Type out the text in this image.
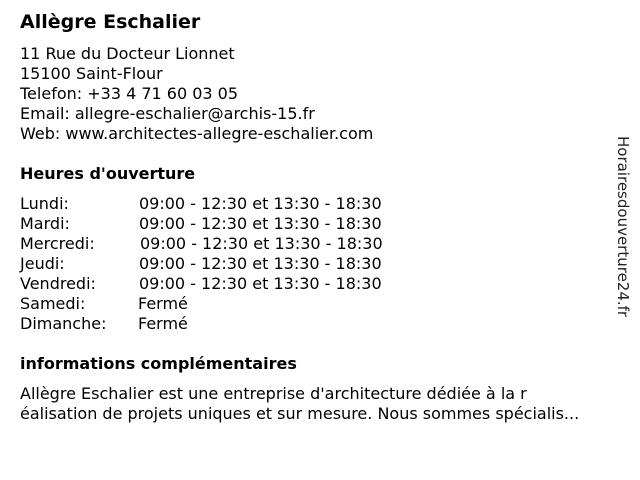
Allègre Eschalier
11 Rue du Docteur Lionnet
15100 Saint-Flour
Telefon: +33 4 71 60 03 05
Email: allegre-eschalier@archis-15.fr
Web: www.architectes-allegre-eschalier.com
Heures d'ouverture
Lundi:	09:00 - 12:30 et 13:30 - 18:30
Mardi:	09:00 - 12:30 et 13:30 - 18:30
Mercredi:	09:00 - 12:30 et 13:30 - 18:30
Jeudi:	09:00 - 12:30 et 13:30 - 18:30
Vendredi:	09:00 - 12:30 et 13:30 - 18:30
Samedi:	Fermé
Dimanche: Fermé
informations complémentaires
Allègre Eschalier est une entreprise d'architecture dédiée à la r
éalisation de projets uniques et sur mesure. Nous sommes spécialis...
Horairesdouverture24.fr
